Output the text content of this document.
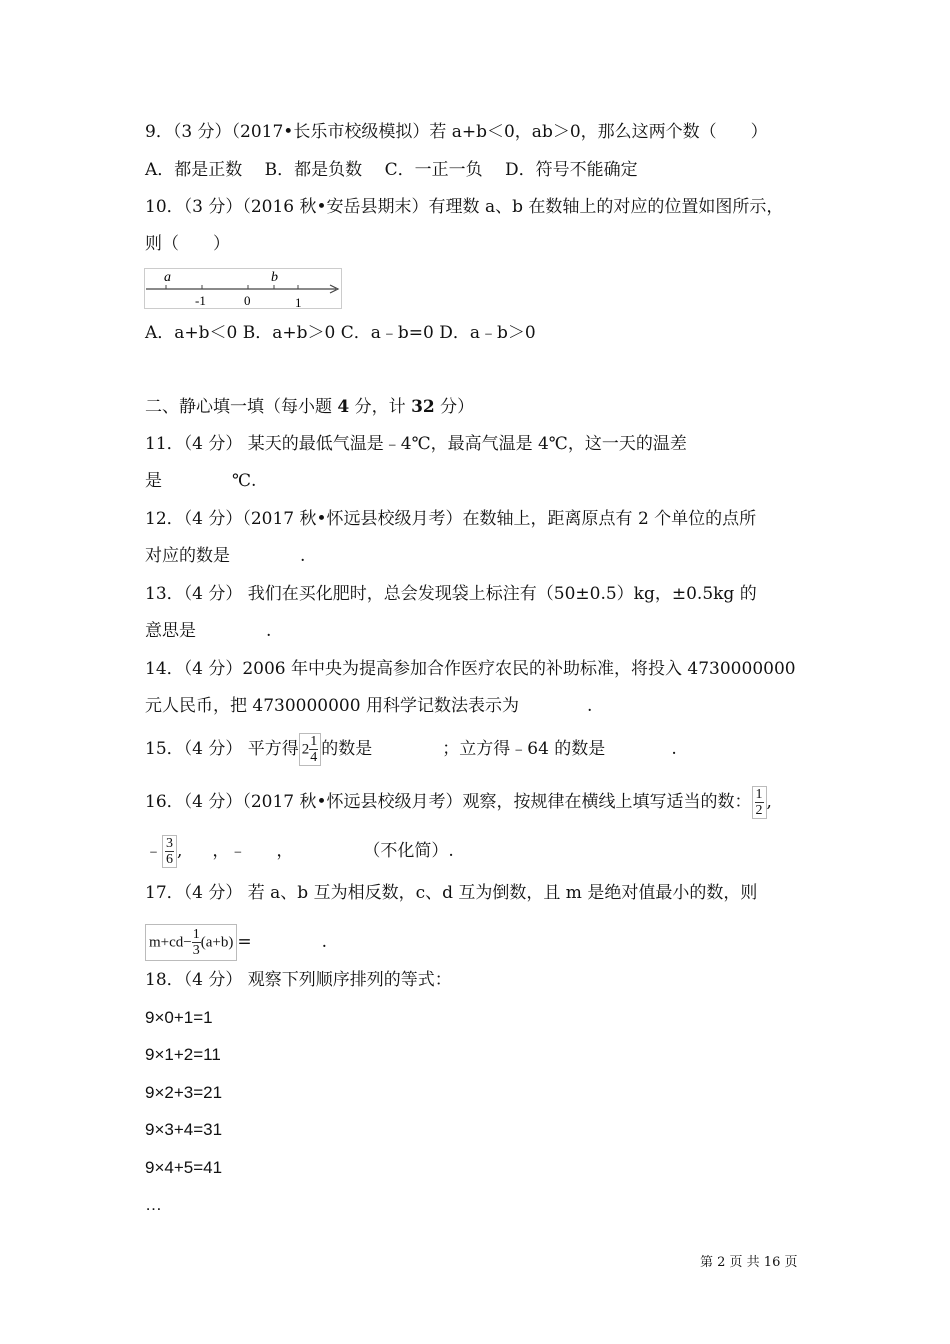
9．（3 分）（2017•长乐市校级模拟）若 a+b＜0，ab＞0，那么这两个数（　　）
A．都是正数　 B．都是负数　 C．一正一负　 D．符号不能确定
10．（3 分）（2016 秋•安岳县期末）有理数 a、b 在数轴上的对应的位置如图所示，
则（　　）
a	b
-1	0	1
A．a+b＜0 B．a+b＞0 C．a﹣b=0 D．a﹣b＞0
二、静心填一填（每小题 4 分，计 32 分）
11．（4 分） 某天的最低气温是﹣4℃，最高气温是 4℃，这一天的温差
是	℃.
12．（4 分）（2017 秋•怀远县校级月考）在数轴上，距离原点有 2 个单位的点所
对应的数是	.
13．（4 分） 我们在买化肥时，总会发现袋上标注有（50±0.5）kg，±0.5kg 的
意思是	.
14．（4 分）2006 年中央为提高参加合作医疗农民的补助标准，将投入 4730000000
元人民币，把 4730000000 用科学记数法表示为	.
15．（4 分） 平方得 $2 \frac{1}{4}$ 的数是	；立方得﹣64 的数是	.
16．（4 分）（2017 秋•怀远县校级月考）观察，按规律在横线上填写适当的数： $\frac{1}{2}$ ,
﹣ $\frac{3}{6}$ , ，﹣ ，	（不化简）.
17．（4 分） 若 a、b 互为相反数，c、d 互为倒数，且 m 是绝对值最小的数，则
$m+cd- \frac{1}{3} (a+b)$ =	.
18．（4 分） 观察下列顺序排列的等式：
9×0+1=1
9×1+2=11
9×2+3=21
9×3+4=31
9×4+5=41
…
第 2 页 共 16 页
